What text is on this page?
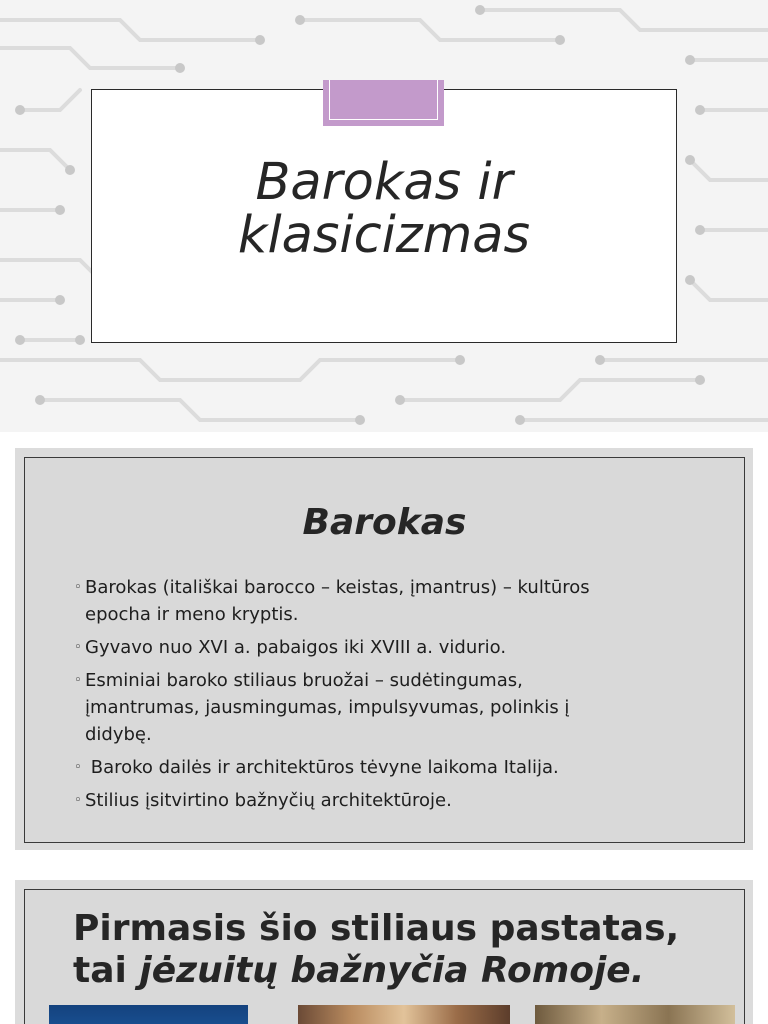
Barokas ir
klasicizmas
Barokas
◦ Barokas (itališkai barocco – keistas, įmantrus) – kultūros
epocha ir meno kryptis.
◦ Gyvavo nuo XVI a. pabaigos iki XVIII a. vidurio.
◦ Esminiai baroko stiliaus bruožai – sudėtingumas,
įmantrumas, jausmingumas, impulsyvumas, polinkis į
didybę.
◦ Baroko dailės ir architektūros tėvyne laikoma Italija.
◦ Stilius įsitvirtino bažnyčių architektūroje.
Pirmasis šio stiliaus pastatas,
tai jėzuitų bažnyčia Romoje.
